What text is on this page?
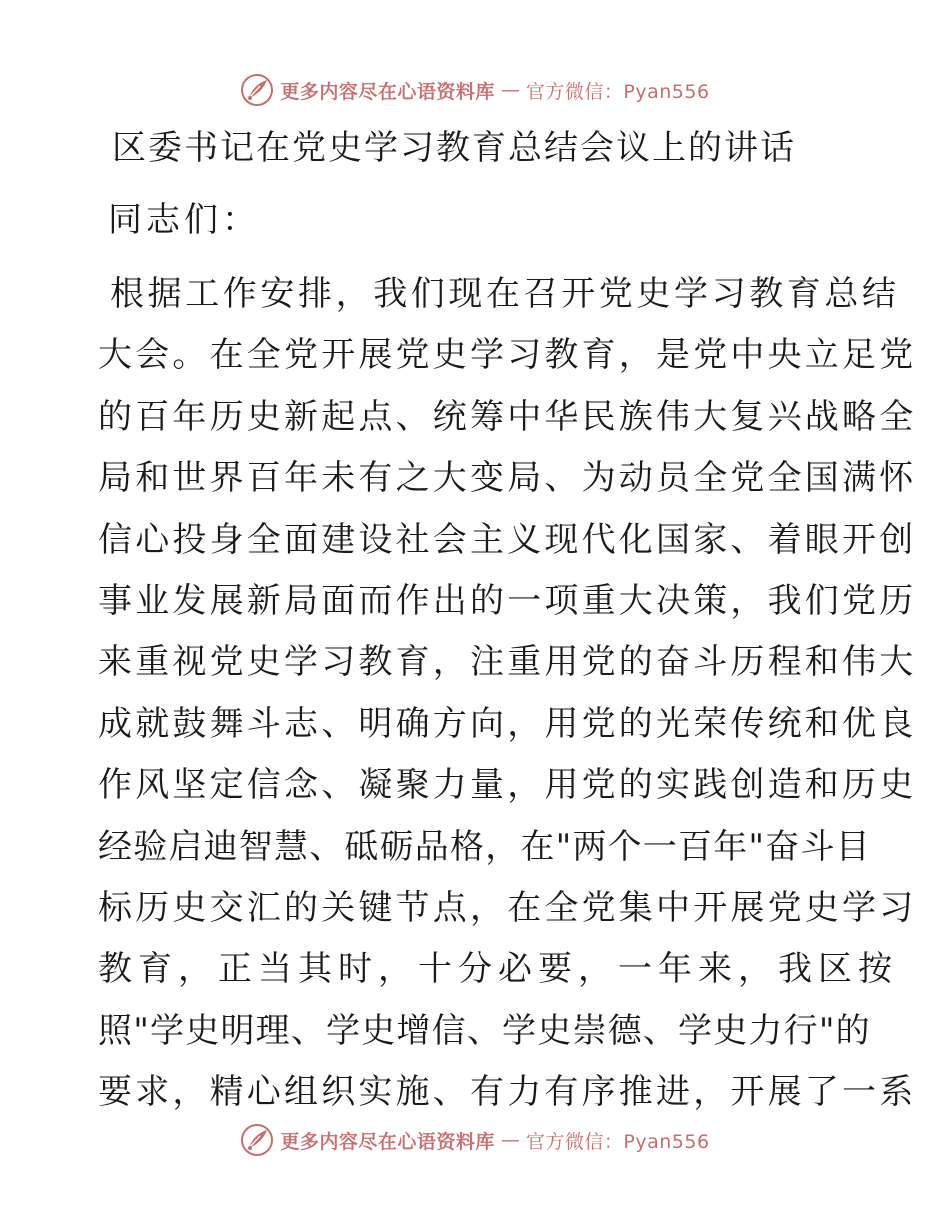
更多内容尽在心语资料库 — 官方微信：Pyan556
区委书记在党史学习教育总结会议上的讲话

同志们：

根据工作安排，我们现在召开党史学习教育总结
大会。在全党开展党史学习教育，是党中央立足党
的百年历史新起点、统筹中华民族伟大复兴战略全
局和世界百年未有之大变局、为动员全党全国满怀
信心投身全面建设社会主义现代化国家、着眼开创
事业发展新局面而作出的一项重大决策，我们党历
来重视党史学习教育，注重用党的奋斗历程和伟大
成就鼓舞斗志、明确方向，用党的光荣传统和优良
作风坚定信念、凝聚力量，用党的实践创造和历史
经验启迪智慧、砥砺品格，在"两个一百年"奋斗目
标历史交汇的关键节点，在全党集中开展党史学习
教育，正当其时，十分必要，一年来，我区按
照"学史明理、学史增信、学史崇德、学史力行"的
要求，精心组织实施、有力有序推进，开展了一系
更多内容尽在心语资料库 — 官方微信：Pyan556
